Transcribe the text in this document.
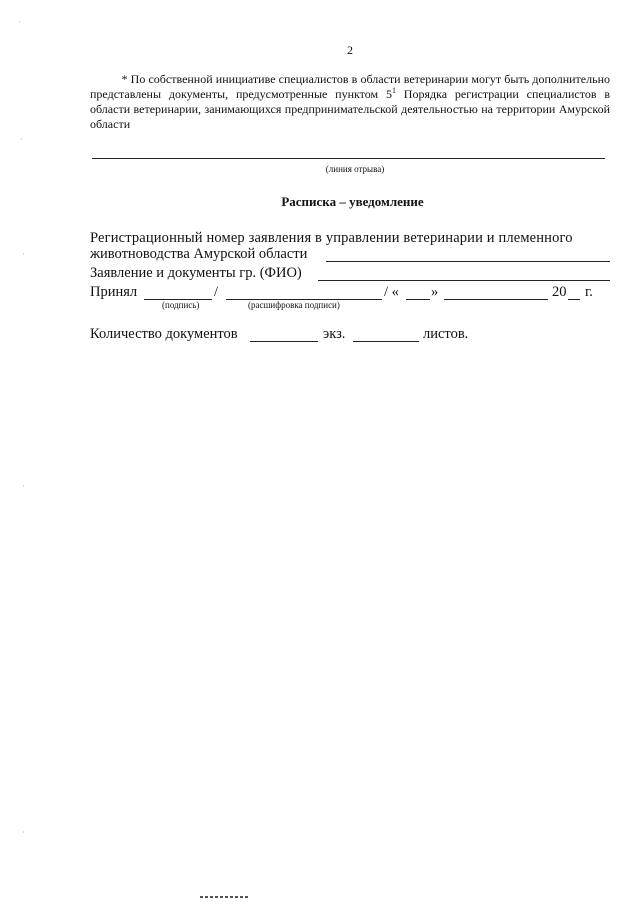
2
* По собственной инициативе специалистов в области ветеринарии могут быть дополнительно представлены документы, предусмотренные пунктом $5^1$ Порядка регистрации специалистов в области ветеринарии, занимающихся предпринимательской деятельностью на территории Амурской области
(линия отрыва)
Расписка – уведомление
Регистрационный номер заявления в управлении ветеринарии и племенного
животноводства Амурской области
Заявление и документы гр. (ФИО)
Принял	/	/ « »	20 г.
(подпись)	(расшифровка подписи)
Количество документов	экз.	листов.
·
·
·
·
·
